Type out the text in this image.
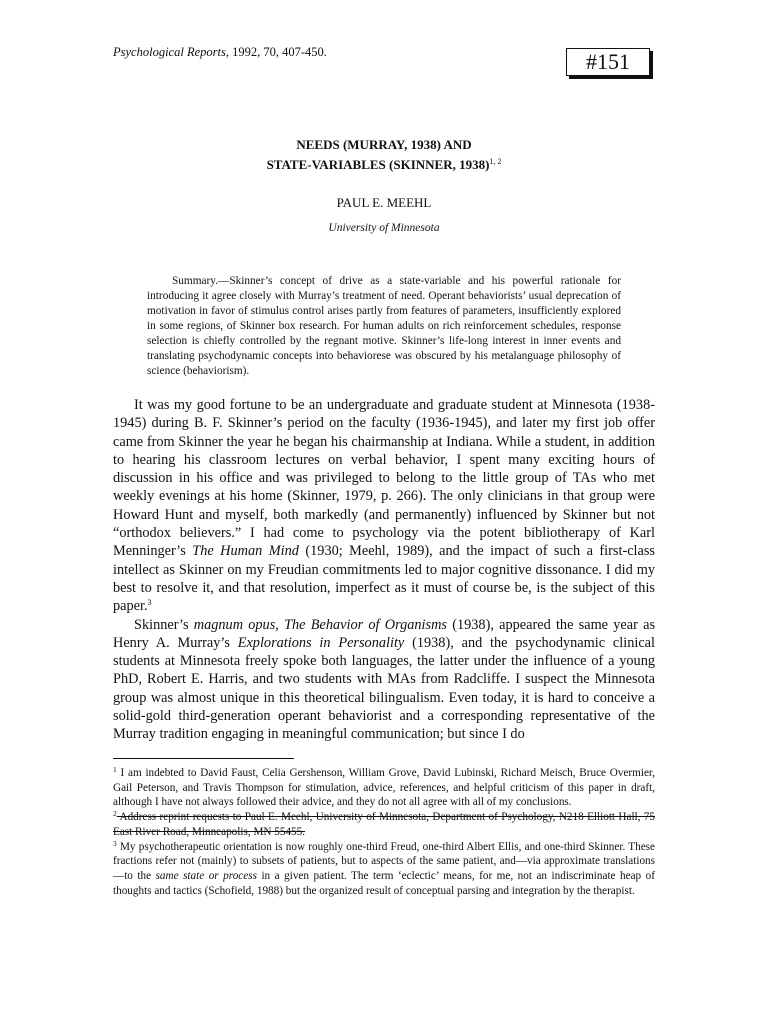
Psychological Reports, 1992, 70, 407-450.	#151
NEEDS (MURRAY, 1938) AND
STATE-VARIABLES (SKINNER, 1938)$^{1, 2}$
PAUL E. MEEHL
University of Minnesota

Summary.—Skinner’s concept of drive as a state-variable and his powerful rationale for introducing it agree closely with Murray’s treatment of need. Operant behaviorists’ usual deprecation of motivation in favor of stimulus control arises partly from features of parameters, insufficiently explored in some regions, of Skinner box research. For human adults on rich reinforcement schedules, response selection is chiefly controlled by the regnant motive. Skinner’s life-long interest in inner events and translating psychodynamic concepts into behaviorese was obscured by his metalanguage philosophy of science (behaviorism).

It was my good fortune to be an undergraduate and graduate student at Minnesota (1938-1945) during B. F. Skinner’s period on the faculty (1936-1945), and later my first job offer came from Skinner the year he began his chairmanship at Indiana. While a student, in addition to hearing his classroom lectures on verbal behavior, I spent many exciting hours of discussion in his office and was privileged to belong to the little group of TAs who met weekly evenings at his home (Skinner, 1979, p. 266). The only clinicians in that group were Howard Hunt and myself, both markedly (and permanently) influenced by Skinner but not “orthodox believers.” I had come to psychology via the potent bibliotherapy of Karl Menninger’s The Human Mind (1930; Meehl, 1989), and the impact of such a first-class intellect as Skinner on my Freudian commitments led to major cognitive dissonance. I did my best to resolve it, and that resolution, imperfect as it must of course be, is the subject of this paper.$^3$

Skinner’s magnum opus, The Behavior of Organisms (1938), appeared the same year as Henry A. Murray’s Explorations in Personality (1938), and the psychodynamic clinical students at Minnesota freely spoke both languages, the latter under the influence of a young PhD, Robert E. Harris, and two students with MAs from Radcliffe. I suspect the Minnesota group was almost unique in this theoretical bilingualism. Even today, it is hard to conceive a solid-gold third-generation operant behaviorist and a corresponding representative of the Murray tradition engaging in meaningful communication; but since I do

$^1$ I am indebted to David Faust, Celia Gershenson, William Grove, David Lubinski, Richard Meisch, Bruce Overmier, Gail Peterson, and Travis Thompson for stimulation, advice, references, and helpful criticism of this paper in draft, although I have not always followed their advice, and they do not all agree with all of my conclusions.

$^2$ Address reprint requests to Paul E. Meehl, University of Minnesota, Department of Psychology, N218 Elliott Hall, 75 East River Road, Minneapolis, MN 55455.

$^3$ My psychotherapeutic orientation is now roughly one-third Freud, one-third Albert Ellis, and one-third Skinner. These fractions refer not (mainly) to subsets of patients, but to aspects of the same patient, and—via approximate translations—to the same state or process in a given patient. The term ‘eclectic’ means, for me, not an indiscriminate heap of thoughts and tactics (Schofield, 1988) but the organized result of conceptual parsing and integration by the therapist.
